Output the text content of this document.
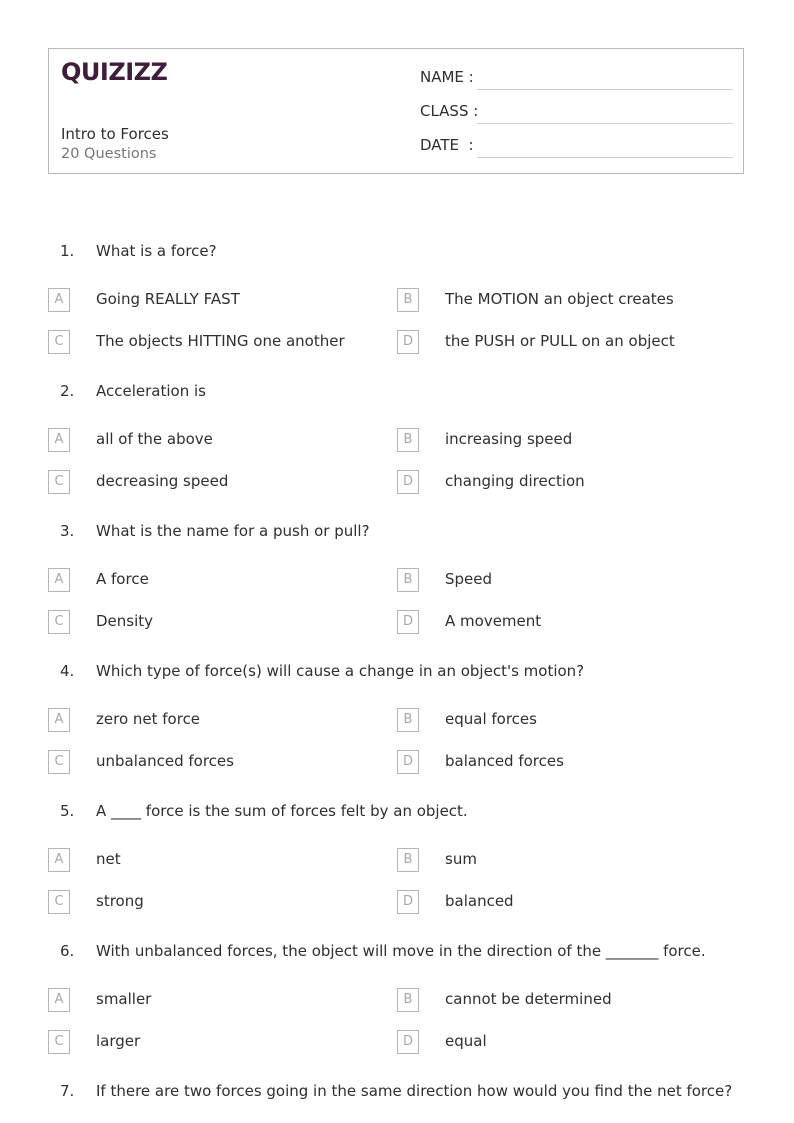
QUIZIZZ
Intro to Forces
20 Questions
NAME :
CLASS :
DATE  :
1. What is a force?
A	Going REALLY FAST	B	The MOTION an object creates
C	The objects HITTING one another	D	the PUSH or PULL on an object
2. Acceleration is
A	all of the above	B	increasing speed
C	decreasing speed	D	changing direction
3. What is the name for a push or pull?
A	A force	B	Speed
C	Density	D	A movement
4. Which type of force(s) will cause a change in an object's motion?
A	zero net force	B	equal forces
C	unbalanced forces	D	balanced forces
5. A ____ force is the sum of forces felt by an object.
A	net	B	sum
C	strong	D	balanced
6. With unbalanced forces, the object will move in the direction of the _______ force.
A	smaller	B	cannot be determined
C	larger	D	equal
7. If there are two forces going in the same direction how would you find the net force?
